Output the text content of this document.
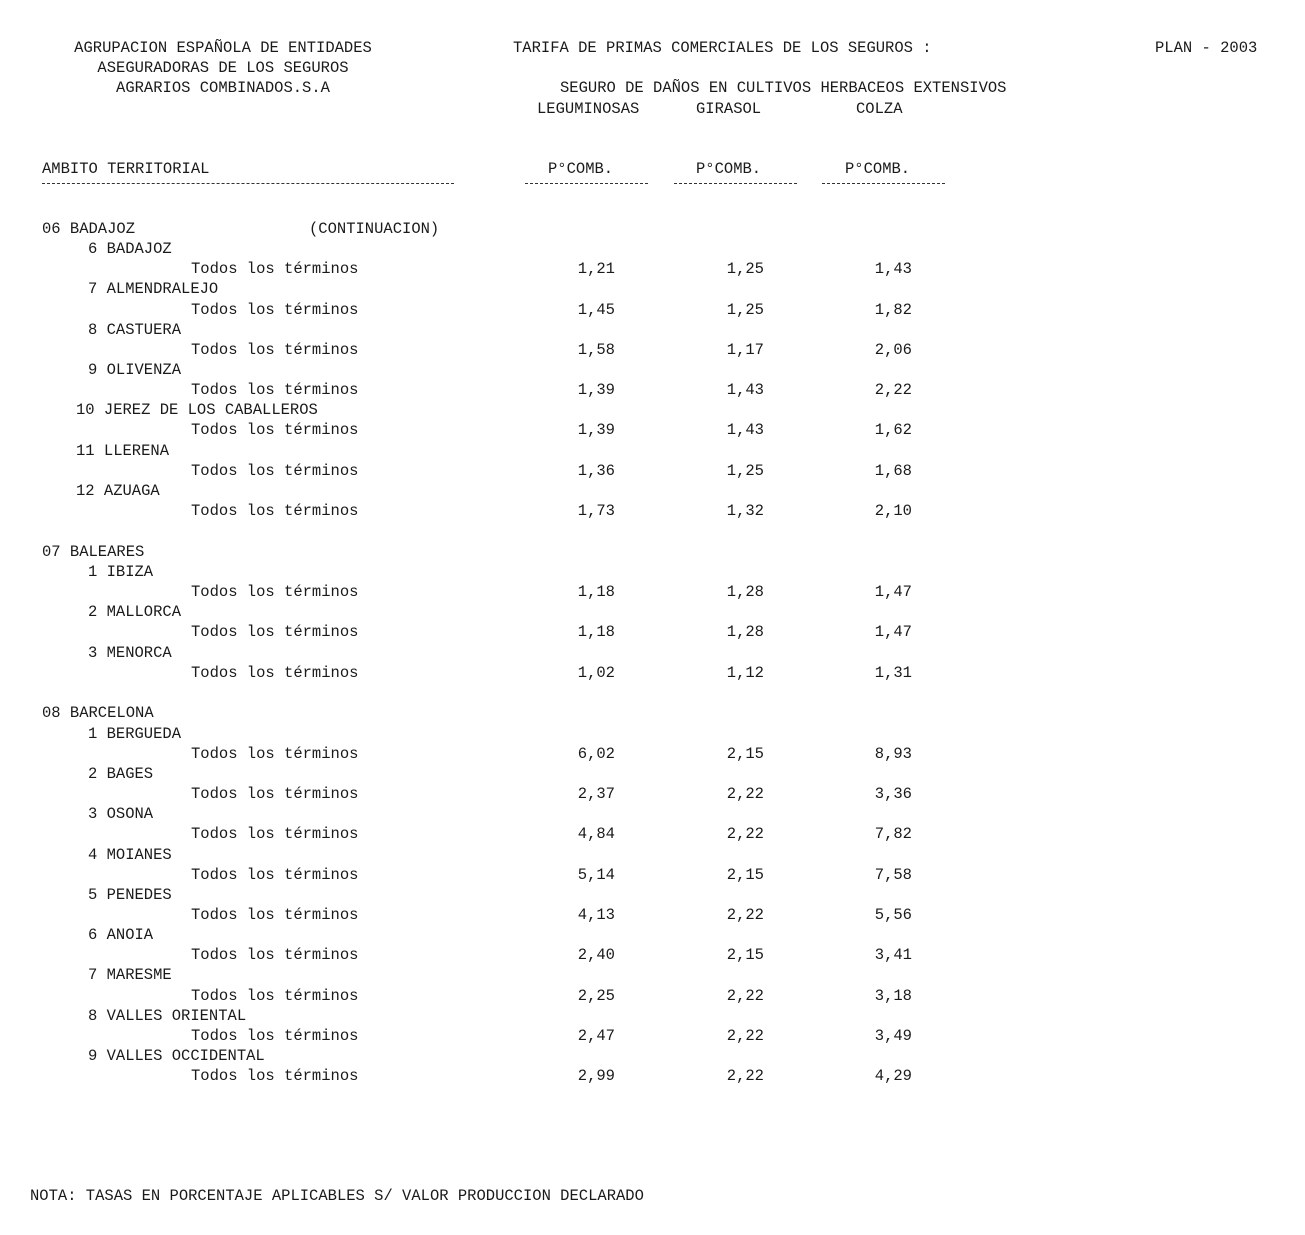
AGRUPACION ESPAÑOLA DE ENTIDADES
ASEGURADORAS DE LOS SEGUROS
AGRARIOS COMBINADOS.S.A
TARIFA DE PRIMAS COMERCIALES DE LOS SEGUROS :	PLAN - 2003
SEGURO DE DAÑOS EN CULTIVOS HERBACEOS EXTENSIVOS
LEGUMINOSAS	GIRASOL	COLZA
AMBITO TERRITORIAL	P°COMB.	P°COMB.	P°COMB.
06 BADAJOZ	(CONTINUACION)
6 BADAJOZ
Todos los términos	1,21	1,25	1,43
7 ALMENDRALEJO
Todos los términos	1,45	1,25	1,82
8 CASTUERA
Todos los términos	1,58	1,17	2,06
9 OLIVENZA
Todos los términos	1,39	1,43	2,22
10 JEREZ DE LOS CABALLEROS
Todos los términos	1,39	1,43	1,62
11 LLERENA
Todos los términos	1,36	1,25	1,68
12 AZUAGA
Todos los términos	1,73	1,32	2,10
07 BALEARES
1 IBIZA
Todos los términos	1,18	1,28	1,47
2 MALLORCA
Todos los términos	1,18	1,28	1,47
3 MENORCA
Todos los términos	1,02	1,12	1,31
08 BARCELONA
1 BERGUEDA
Todos los términos	6,02	2,15	8,93
2 BAGES
Todos los términos	2,37	2,22	3,36
3 OSONA
Todos los términos	4,84	2,22	7,82
4 MOIANES
Todos los términos	5,14	2,15	7,58
5 PENEDES
Todos los términos	4,13	2,22	5,56
6 ANOIA
Todos los términos	2,40	2,15	3,41
7 MARESME
Todos los términos	2,25	2,22	3,18
8 VALLES ORIENTAL
Todos los términos	2,47	2,22	3,49
9 VALLES OCCIDENTAL
Todos los términos	2,99	2,22	4,29
NOTA: TASAS EN PORCENTAJE APLICABLES S/ VALOR PRODUCCION DECLARADO
